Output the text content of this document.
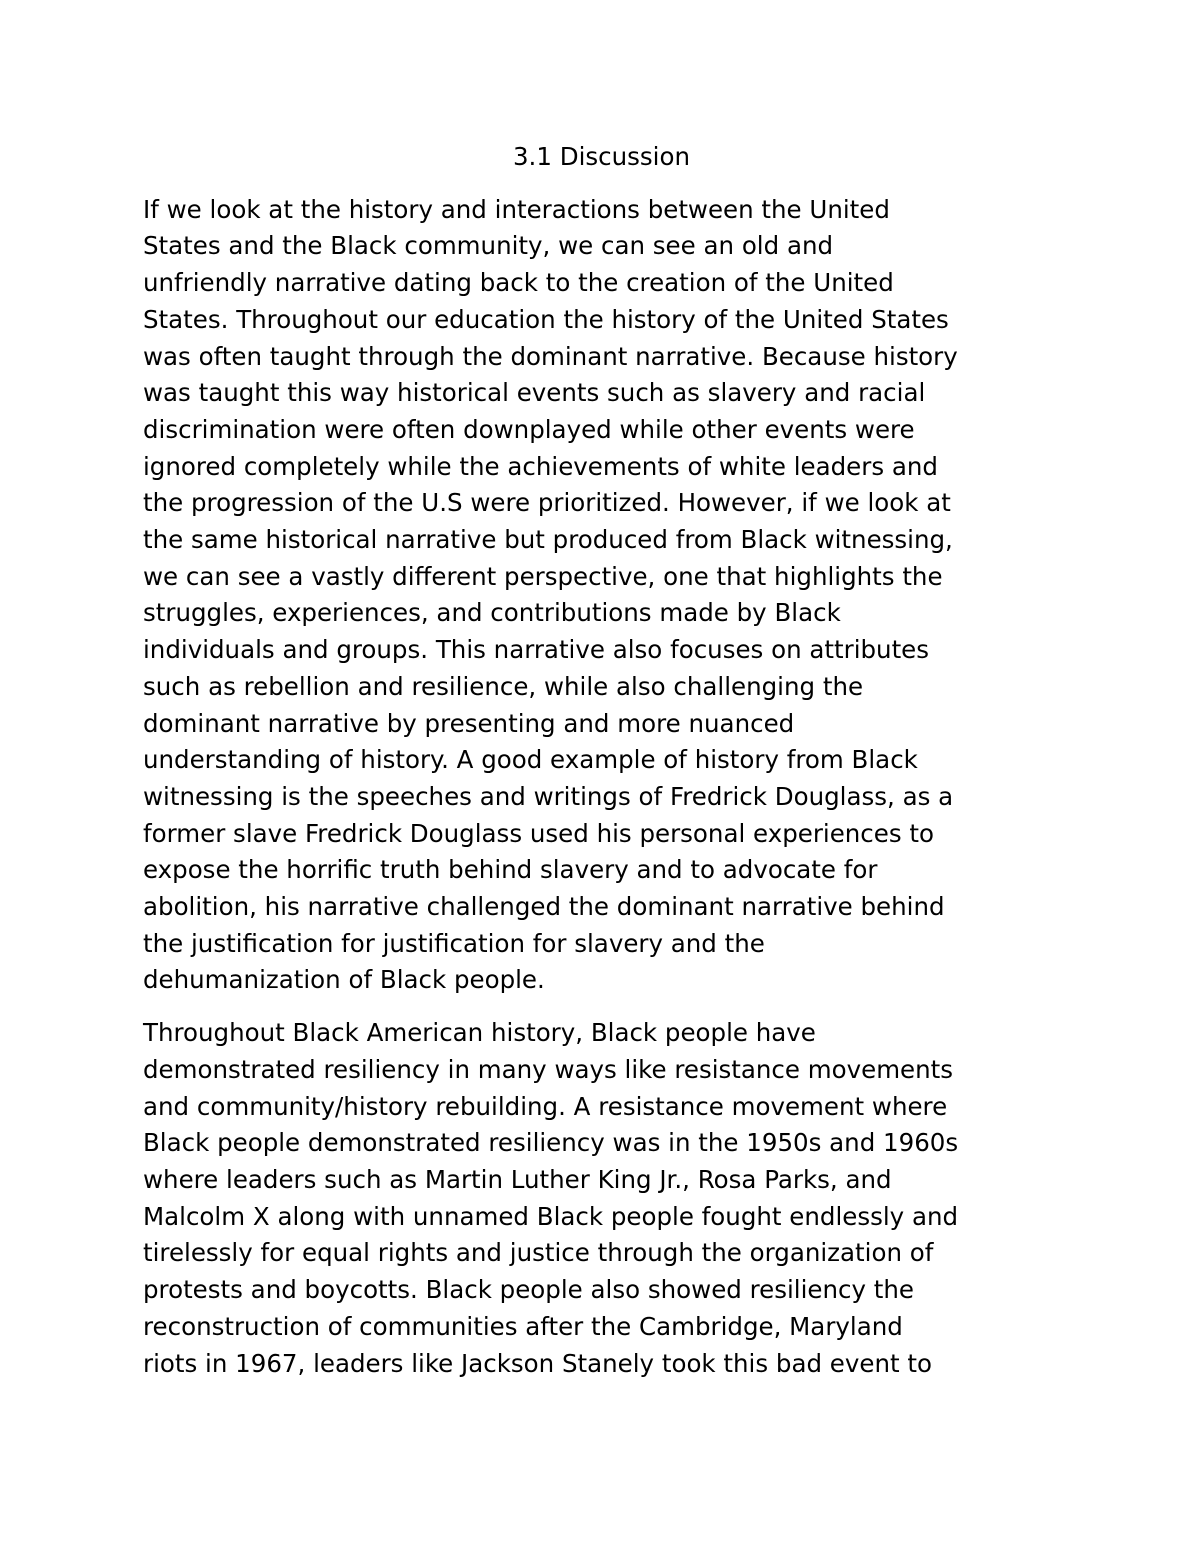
3.1 Discussion

If we look at the history and interactions between the United
States and the Black community, we can see an old and
unfriendly narrative dating back to the creation of the United
States. Throughout our education the history of the United States
was often taught through the dominant narrative. Because history
was taught this way historical events such as slavery and racial
discrimination were often downplayed while other events were
ignored completely while the achievements of white leaders and
the progression of the U.S were prioritized. However, if we look at
the same historical narrative but produced from Black witnessing,
we can see a vastly different perspective, one that highlights the
struggles, experiences, and contributions made by Black
individuals and groups. This narrative also focuses on attributes
such as rebellion and resilience, while also challenging the
dominant narrative by presenting and more nuanced
understanding of history. A good example of history from Black
witnessing is the speeches and writings of Fredrick Douglass, as a
former slave Fredrick Douglass used his personal experiences to
expose the horrific truth behind slavery and to advocate for
abolition, his narrative challenged the dominant narrative behind
the justification for justification for slavery and the
dehumanization of Black people.

Throughout Black American history, Black people have
demonstrated resiliency in many ways like resistance movements
and community/history rebuilding. A resistance movement where
Black people demonstrated resiliency was in the 1950s and 1960s
where leaders such as Martin Luther King Jr., Rosa Parks, and
Malcolm X along with unnamed Black people fought endlessly and
tirelessly for equal rights and justice through the organization of
protests and boycotts. Black people also showed resiliency the
reconstruction of communities after the Cambridge, Maryland
riots in 1967, leaders like Jackson Stanely took this bad event to
